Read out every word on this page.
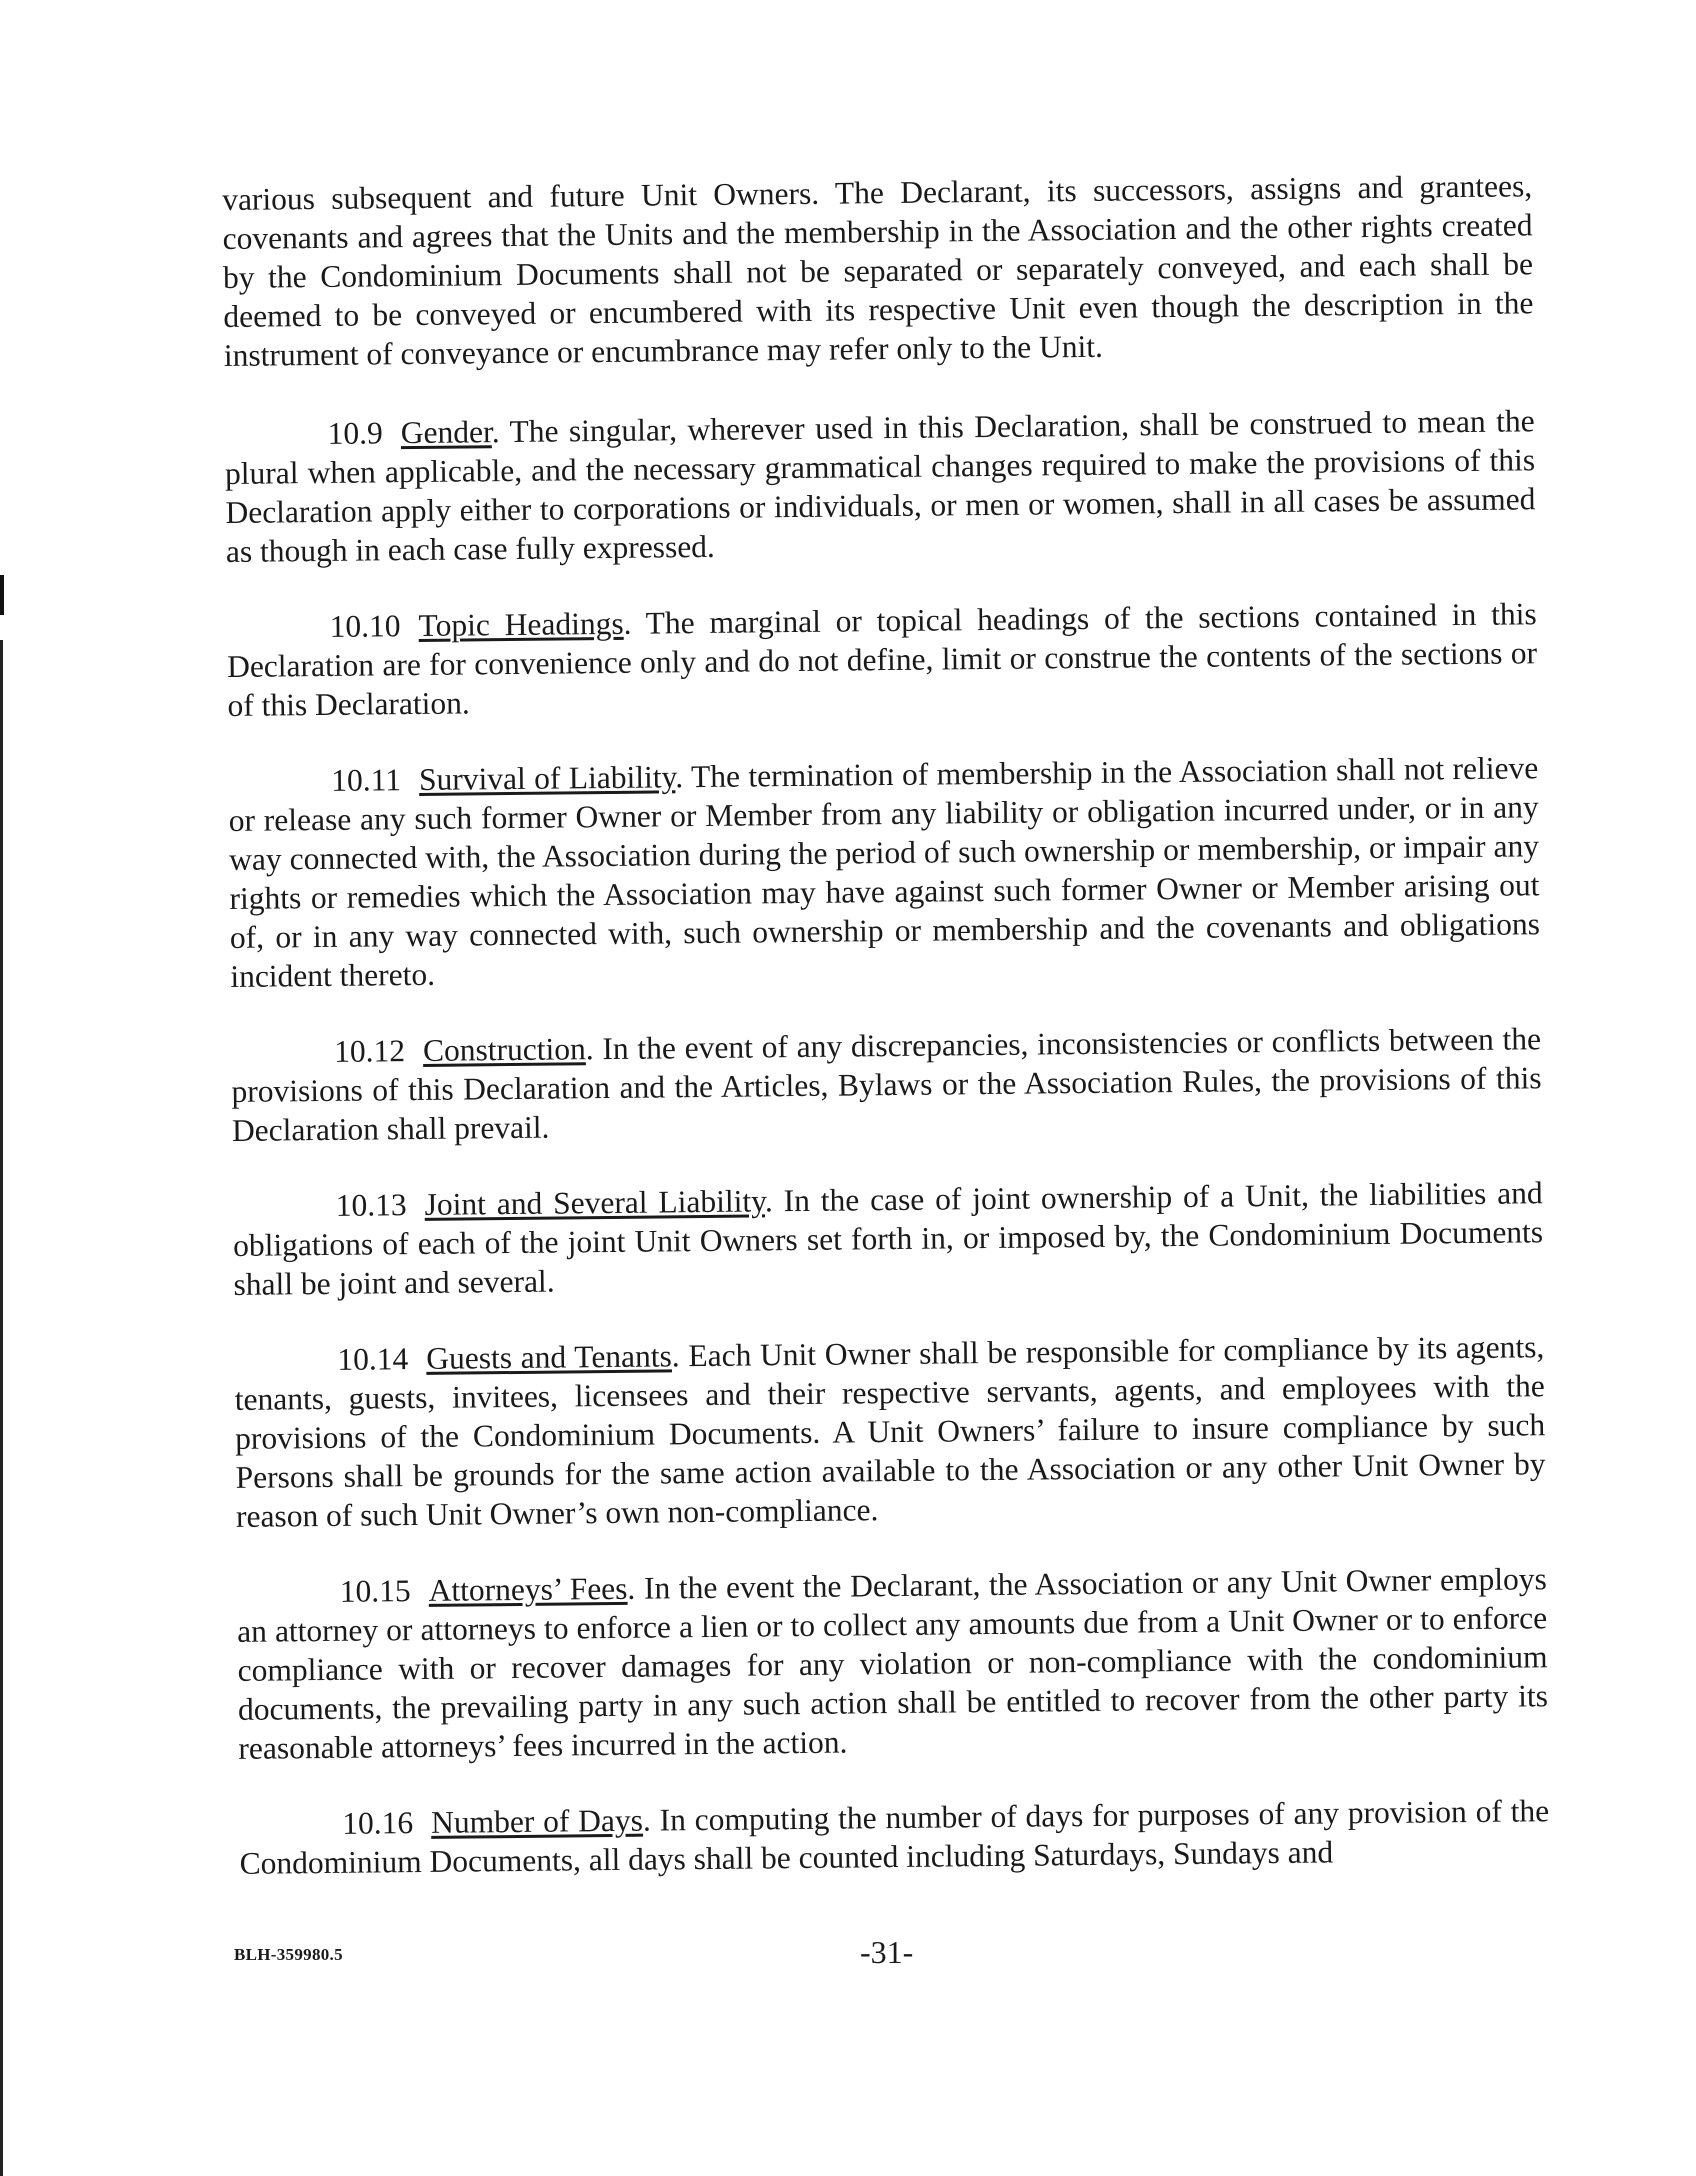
various subsequent and future Unit Owners. The Declarant, its successors, assigns and grantees, covenants and agrees that the Units and the membership in the Association and the other rights created by the Condominium Documents shall not be separated or separately conveyed, and each shall be deemed to be conveyed or encumbered with its respective Unit even though the description in the instrument of conveyance or encumbrance may refer only to the Unit.

10.9 Gender. The singular, wherever used in this Declaration, shall be construed to mean the plural when applicable, and the necessary grammatical changes required to make the provisions of this Declaration apply either to corporations or individuals, or men or women, shall in all cases be assumed as though in each case fully expressed.

10.10 Topic Headings. The marginal or topical headings of the sections contained in this Declaration are for convenience only and do not define, limit or construe the contents of the sections or of this Declaration.

10.11 Survival of Liability. The termination of membership in the Association shall not relieve or release any such former Owner or Member from any liability or obligation incurred under, or in any way connected with, the Association during the period of such ownership or membership, or impair any rights or remedies which the Association may have against such former Owner or Member arising out of, or in any way connected with, such ownership or membership and the covenants and obligations incident thereto.

10.12 Construction. In the event of any discrepancies, inconsistencies or conflicts between the provisions of this Declaration and the Articles, Bylaws or the Association Rules, the provisions of this Declaration shall prevail.

10.13 Joint and Several Liability. In the case of joint ownership of a Unit, the liabilities and obligations of each of the joint Unit Owners set forth in, or imposed by, the Condominium Documents shall be joint and several.

10.14 Guests and Tenants. Each Unit Owner shall be responsible for compliance by its agents, tenants, guests, invitees, licensees and their respective servants, agents, and employees with the provisions of the Condominium Documents. A Unit Owners’ failure to insure compliance by such Persons shall be grounds for the same action available to the Association or any other Unit Owner by reason of such Unit Owner’s own non-compliance.

10.15 Attorneys’ Fees. In the event the Declarant, the Association or any Unit Owner employs an attorney or attorneys to enforce a lien or to collect any amounts due from a Unit Owner or to enforce compliance with or recover damages for any violation or non-compliance with the condominium documents, the prevailing party in any such action shall be entitled to recover from the other party its reasonable attorneys’ fees incurred in the action.

10.16 Number of Days. In computing the number of days for purposes of any provision of the Condominium Documents, all days shall be counted including Saturdays, Sundays and

BLH-359980.5	-31-
